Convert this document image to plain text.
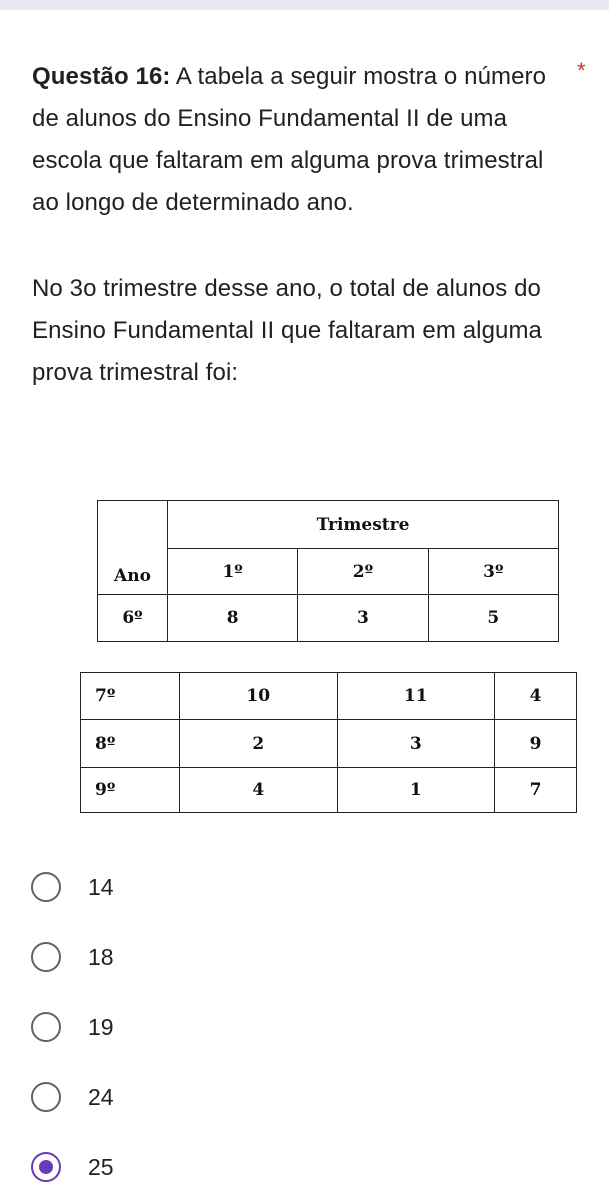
Questão 16: A tabela a seguir mostra o número de alunos do Ensino Fundamental II de uma escola que faltaram em alguma prova trimestral ao longo de determinado ano.

No 3o trimestre desse ano, o total de alunos do Ensino Fundamental II que faltaram em alguma prova trimestral foi:

*
Ano	Trimestre		
	1º	2º	3º
6º	8	3	5
7º	10	11	4
8º	2	3	9
9º	4	1	7
14
18
19
24
25
